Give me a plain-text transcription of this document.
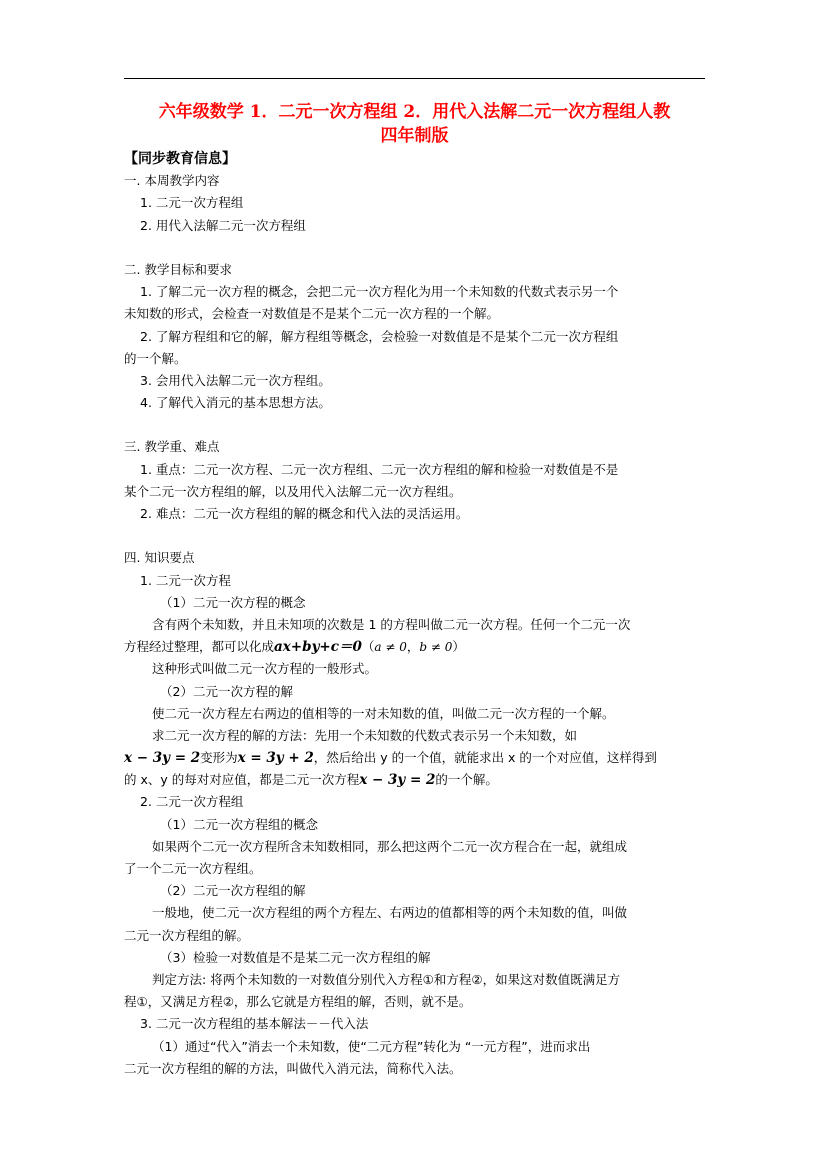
六年级数学 1．二元一次方程组 2．用代入法解二元一次方程组人教
四年制版
【同步教育信息】
一. 本周教学内容
1. 二元一次方程组
2. 用代入法解二元一次方程组
二. 教学目标和要求
1. 了解二元一次方程的概念，会把二元一次方程化为用一个未知数的代数式表示另一个
未知数的形式，会检查一对数值是不是某个二元一次方程的一个解。
2. 了解方程组和它的解，解方程组等概念，会检验一对数值是不是某个二元一次方程组
的一个解。
3. 会用代入法解二元一次方程组。
4. 了解代入消元的基本思想方法。
三. 教学重、难点
1. 重点：二元一次方程、二元一次方程组、二元一次方程组的解和检验一对数值是不是
某个二元一次方程组的解，以及用代入法解二元一次方程组。
2. 难点：二元一次方程组的解的概念和代入法的灵活运用。
四. 知识要点
1. 二元一次方程
（1）二元一次方程的概念
含有两个未知数，并且未知项的次数是 1 的方程叫做二元一次方程。任何一个二元一次
方程经过整理，都可以化成ax+by+c＝0（a ≠ 0，b ≠ 0）
这种形式叫做二元一次方程的一般形式。
（2）二元一次方程的解
使二元一次方程左右两边的值相等的一对未知数的值，叫做二元一次方程的一个解。
求二元一次方程的解的方法：先用一个未知数的代数式表示另一个未知数，如
x − 3y = 2变形为x = 3y + 2，然后给出 y 的一个值，就能求出 x 的一个对应值，这样得到
的 x、y 的每对对应值，都是二元一次方程x − 3y = 2的一个解。
2. 二元一次方程组
（1）二元一次方程组的概念
如果两个二元一次方程所含未知数相同，那么把这两个二元一次方程合在一起，就组成
了一个二元一次方程组。
（2）二元一次方程组的解
一般地，使二元一次方程组的两个方程左、右两边的值都相等的两个未知数的值，叫做
二元一次方程组的解。
（3）检验一对数值是不是某二元一次方程组的解
判定方法: 将两个未知数的一对数值分别代入方程①和方程②，如果这对数值既满足方
程①，又满足方程②，那么它就是方程组的解，否则，就不是。
3. 二元一次方程组的基本解法－－代入法
（1）通过“代入”消去一个未知数，使“二元方程”转化为 “一元方程”，进而求出
二元一次方程组的解的方法，叫做代入消元法，简称代入法。
